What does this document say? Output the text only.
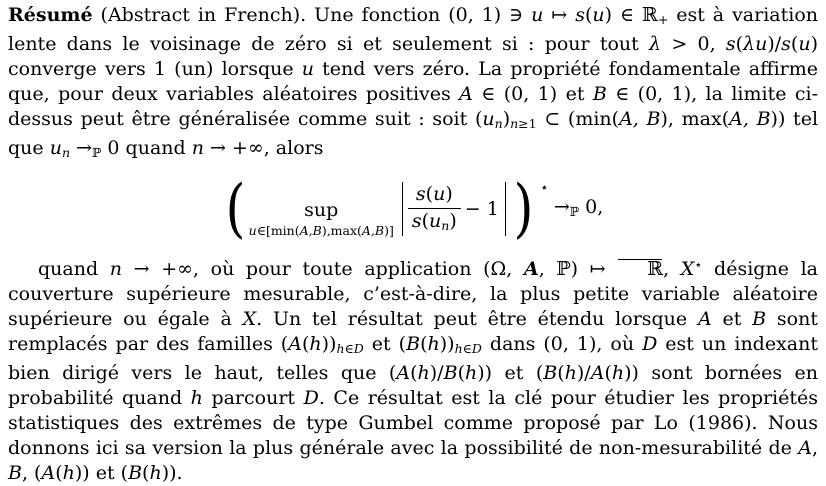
Résumé (Abstract in French). Une fonction (0, 1) ∋ u ↦ s(u) ∈ ℝ+ est à variation lente dans le voisinage de zéro si et seulement si : pour tout λ > 0, s(λu)/s(u) converge vers 1 (un) lorsque u tend vers zéro. La propriété fondamentale affirme que, pour deux variables aléatoires positives A ∈ (0, 1) et B ∈ (0, 1), la limite ci-dessus peut être généralisée comme suit : soit (un)n≥1 ⊂ (min(A, B), max(A, B)) tel que un →ℙ 0 quand n → +∞, alors

(	sup
u∈[min(A,B),max(A,B)] $\frac{s(u)}{s(un)} - 1$ ) ⋆
→ℙ 0,

quand n → +∞, où pour toute application (Ω, A, ℙ) ↦ ℝ, X⋆ désigne la couverture supérieure mesurable, c’est-à-dire, la plus petite variable aléatoire supérieure ou égale à X. Un tel résultat peut être étendu lorsque A et B sont remplacés par des familles (A(h))h∈D et (B(h))h∈D dans (0, 1), où D est un indexant bien dirigé vers le haut, telles que (A(h)/B(h)) et (B(h)/A(h)) sont bornées en probabilité quand h parcourt D. Ce résultat est la clé pour étudier les propriétés statistiques des extrêmes de type Gumbel comme proposé par Lo (1986). Nous donnons ici sa version la plus générale avec la possibilité de non-mesurabilité de A, B, (A(h)) et (B(h)).
